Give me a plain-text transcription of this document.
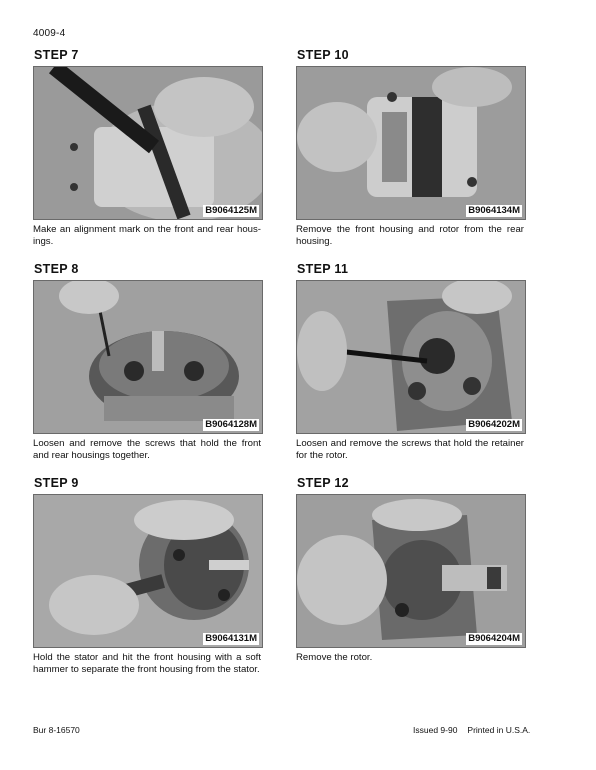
4009-4
STEP 7
B9064125M

Make an alignment mark on the front and rear hous-ings.

STEP 8
B9064128M

Loosen and remove the screws that hold the front and rear housings together.

STEP 9
B9064131M

Hold the stator and hit the front housing with a soft hammer to separate the front housing from the stator.

STEP 10
B9064134M

Remove the front housing and rotor from the rear housing.

STEP 11
B9064202M

Loosen and remove the screws that hold the retainer for the rotor.

STEP 12
B9064204M

Remove the rotor.

Bur 8-16570	Issued 9-90 Printed in U.S.A.
